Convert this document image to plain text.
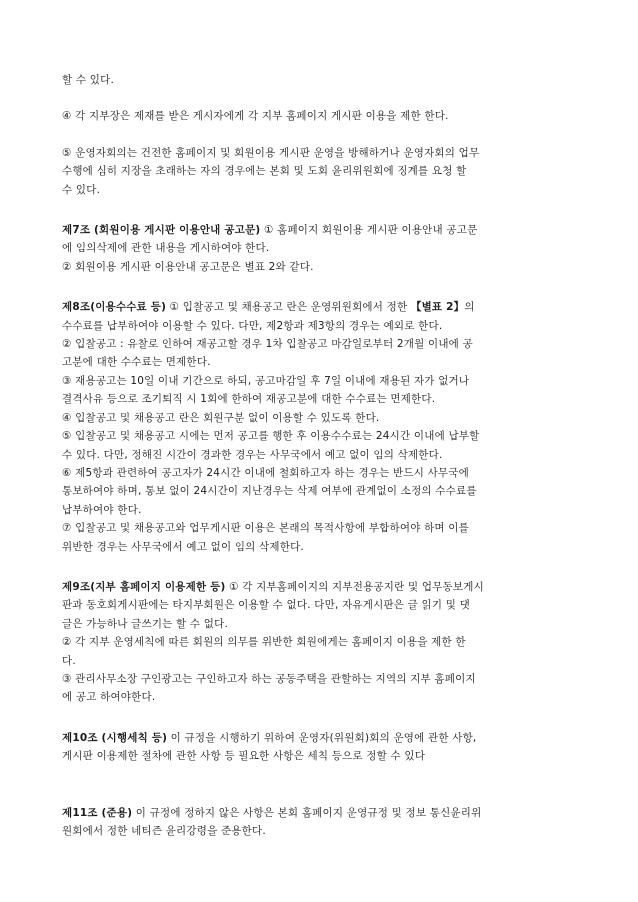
할 수 있다.

④ 각 지부장은 제재를 받은 게시자에게 각 지부 홈페이지 게시판 이용을 제한 한다.

⑤ 운영자회의는 건전한 홈페이지 및 회원이용 게시판 운영을 방해하거나 운영자회의 업무

수행에 심히 지장을 초래하는 자의 경우에는 본회 및 도회 윤리위원회에 징계를 요청 할

수 있다.

제7조 (회원이용 게시판 이용안내 공고문) ① 홈페이지 회원이용 게시판 이용안내 공고문

에 임의삭제에 관한 내용을 게시하여야 한다.

② 회원이용 게시판 이용안내 공고문은 별표 2와 같다.

제8조(이용수수료 등) ① 입찰공고 및 채용공고 란은 운영위원회에서 정한 【별표 2】의

수수료를 납부하여야 이용할 수 있다. 다만, 제2항과 제3항의 경우는 예외로 한다.

② 입찰공고 : 유찰로 인하여 재공고할 경우 1차 입찰공고 마감일로부터 2개월 이내에 공

고분에 대한 수수료는 면제한다.

③ 재용공고는 10일 이내 기간으로 하되, 공고마감일 후 7일 이내에 재용된 자가 없거나

결격사유 등으로 조기퇴직 시 1회에 한하여 재공고분에 대한 수수료는 면제한다.

④ 입찰공고 및 채용공고 란은 회원구분 없이 이용할 수 있도록 한다.

⑤ 입찰공고 및 채용공고 시에는 먼저 공고를 행한 후 이용수수료는 24시간 이내에 납부할

수 있다. 다만, 정해진 시간이 경과한 경우는 사무국에서 예고 없이 임의 삭제한다.

⑥ 제5항과 관련하여 공고자가 24시간 이내에 철회하고자 하는 경우는 반드시 사무국에

통보하여야 하며, 통보 없이 24시간이 지난경우는 삭제 여부에 관계없이 소정의 수수료를

납부하여야 한다.

⑦ 입찰공고 및 채용공고와 업무게시판 이용은 본래의 목적사항에 부합하여야 하며 이를

위반한 경우는 사무국에서 예고 없이 임의 삭제한다.

제9조(지부 홈페이지 이용제한 등) ① 각 지부홈페이지의 지부전용공지란 및 업무동보게시

판과 동호회게시판에는 타지부회원은 이용할 수 없다. 다만, 자유게시판은 글 읽기 및 댓

글은 가능하나 글쓰기는 할 수 없다.

② 각 지부 운영세칙에 따른 회원의 의무를 위반한 회원에게는 홈페이지 이용을 제한 한

다.

③ 관리사무소장 구인광고는 구인하고자 하는 공동주택을 관할하는 지역의 지부 홈페이지

에 공고 하여야한다.

제10조 (시행세칙 등) 이 규정을 시행하기 위하여 운영자(위원회)회의 운영에 관한 사항,

게시판 이용제한 절차에 관한 사항 등 필요한 사항은 세칙 등으로 정할 수 있다

제11조 (준용) 이 규정에 정하지 않은 사항은 본회 홈페이지 운영규정 및 정보 통신윤리위

원회에서 정한 네티즌 윤리강령을 준용한다.
